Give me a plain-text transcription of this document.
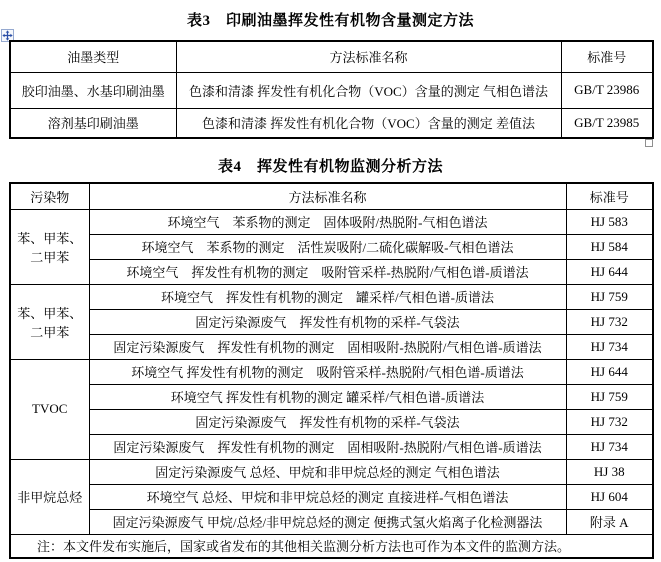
表3　印刷油墨挥发性有机物含量测定方法
油墨类型	方法标准名称	标准号
胶印油墨、水基印刷油墨	色漆和清漆 挥发性有机化合物（VOC）含量的测定 气相色谱法	GB/T 23986
溶剂基印刷油墨	色漆和清漆 挥发性有机化合物（VOC）含量的测定 差值法	GB/T 23985
表4　挥发性有机物监测分析方法
污染物	方法标准名称	标准号
苯、甲苯、二甲苯	环境空气　苯系物的测定　固体吸附/热脱附-气相色谱法	HJ 583
	环境空气　苯系物的测定　活性炭吸附/二硫化碳解吸-气相色谱法	HJ 584
	环境空气　挥发性有机物的测定　吸附管采样-热脱附/气相色谱-质谱法	HJ 644
苯、甲苯、二甲苯	环境空气　挥发性有机物的测定　罐采样/气相色谱-质谱法	HJ 759
	固定污染源废气　挥发性有机物的采样-气袋法	HJ 732
	固定污染源废气　挥发性有机物的测定　固相吸附-热脱附/气相色谱-质谱法	HJ 734
TVOC	环境空气 挥发性有机物的测定　吸附管采样-热脱附/气相色谱-质谱法	HJ 644
	环境空气 挥发性有机物的测定 罐采样/气相色谱-质谱法	HJ 759
	固定污染源废气　挥发性有机物的采样-气袋法	HJ 732
	固定污染源废气　挥发性有机物的测定　固相吸附-热脱附/气相色谱-质谱法	HJ 734
非甲烷总烃	固定污染源废气 总烃、甲烷和非甲烷总烃的测定 气相色谱法	HJ 38
	环境空气 总烃、甲烷和非甲烷总烃的测定 直接进样-气相色谱法	HJ 604
	固定污染源废气 甲烷/总烃/非甲烷总烃的测定 便携式氢火焰离子化检测器法	附录 A
注：本文件发布实施后，国家或省发布的其他相关监测分析方法也可作为本文件的监测方法。		
